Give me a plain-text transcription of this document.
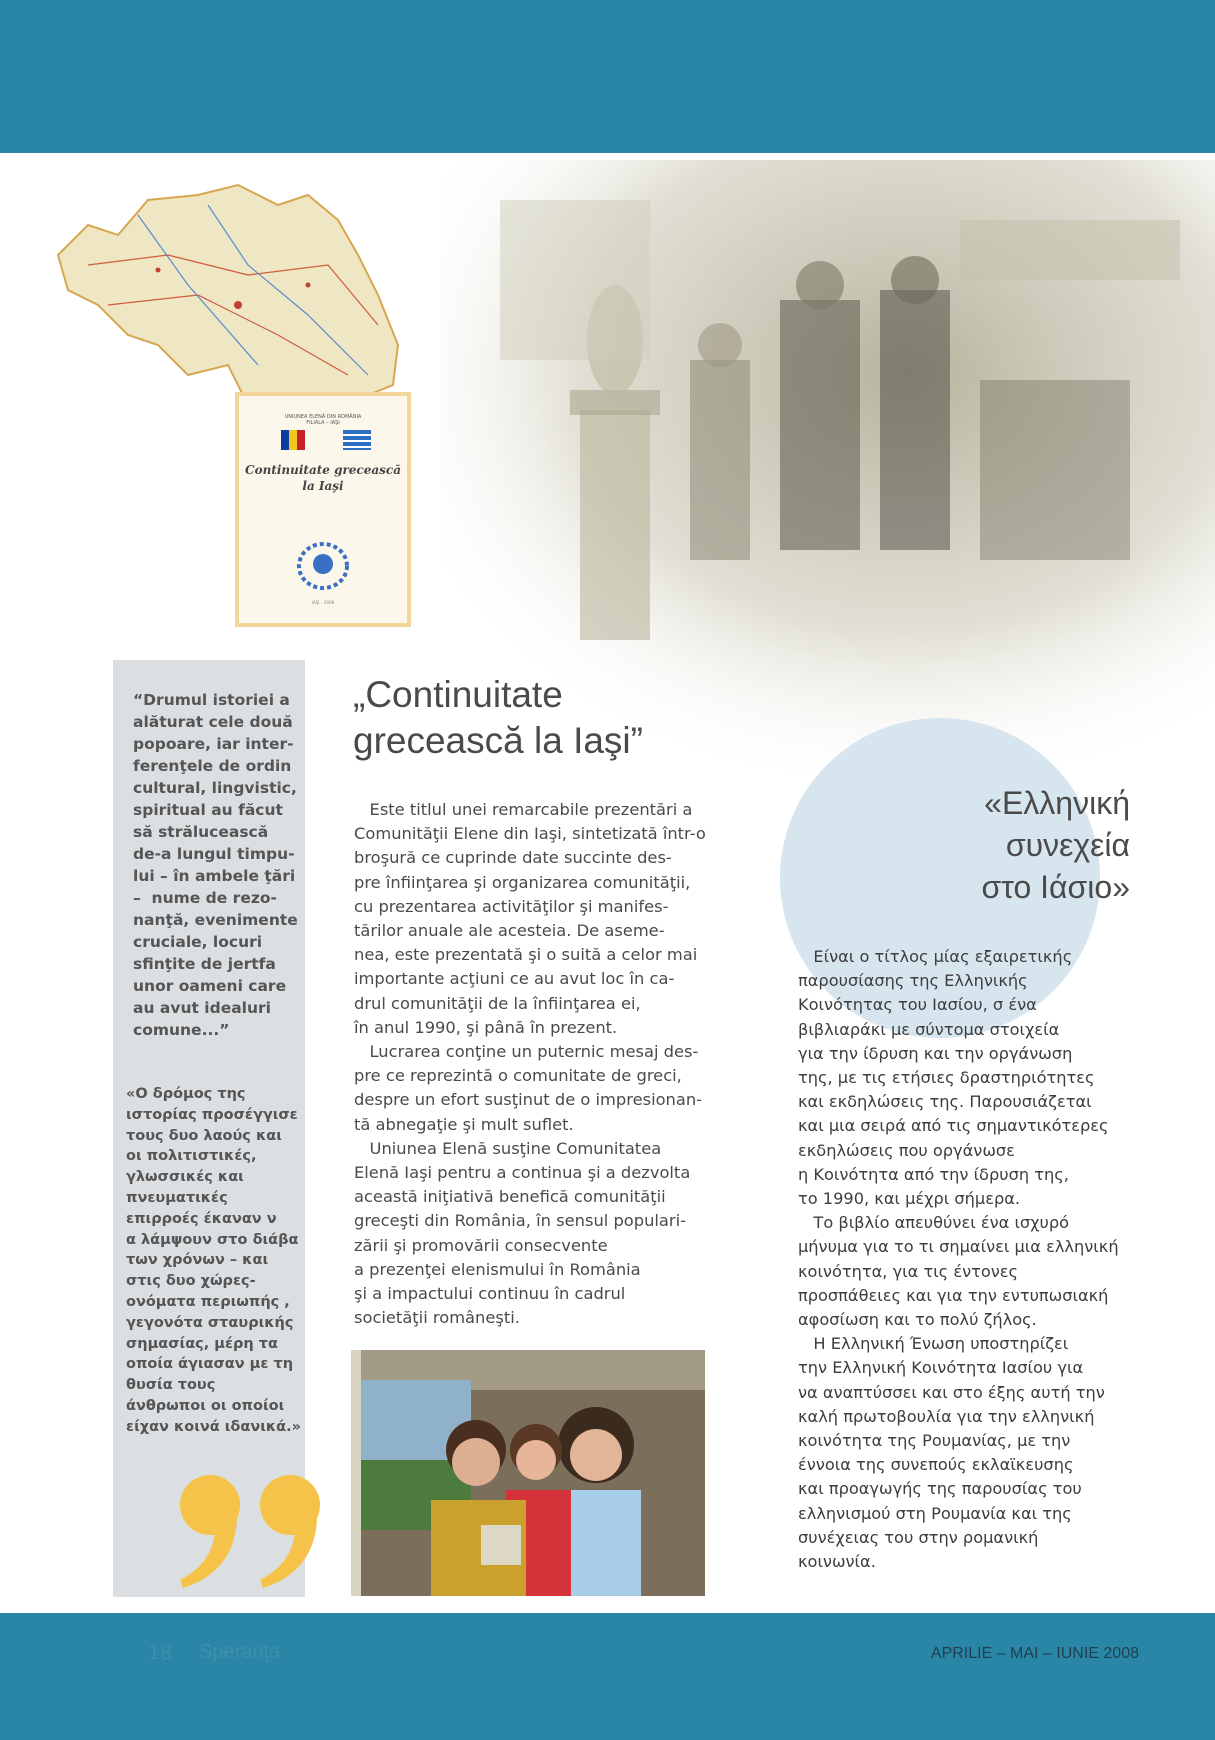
UNIUNEA ELENĂ DIN ROMÂNIA
FILIALA – IAŞI
Continuitate grecească
la Iaşi
IAŞI – 2008

“Drumul istoriei a

alăturat cele două

popoare, iar inter-

ferenţele de ordin

cultural, lingvistic,

spiritual au făcut

să strălucească

de-a lungul timpu-

lui – în ambele ţări

–  nume de rezo-

nanţă, evenimente

cruciale, locuri

sfinţite de jertfa

unor oameni care

au avut idealuri

comune...”

«Ο δρόμος της

ιστορίας προσέγγισε

τους δυο λαούς και

οι πολιτιστικές,

γλωσσικές και

πνευματικές

επιρροές έκαναν ν

α λάμψουν στο διάβα

των χρόνων – και

στις δυο χώρες-

ονόματα περιωπής ,

γεγονότα σταυρικής

σημασίας, μέρη τα

οποία άγιασαν με τη

θυσία τους

άνθρωποι οι οποίοι

είχαν κοινά ιδανικά.»

„Continuitate
grecească la Iaşi”

Este titlul unei remarcabile prezentări a

Comunităţii Elene din Iaşi, sintetizată într-o

broşură ce cuprinde date succinte des-

pre înfiinţarea şi organizarea comunităţii,

cu prezentarea activităţilor şi manifes-

tărilor anuale ale acesteia. De aseme-

nea, este prezentată şi o suită a celor mai

importante acţiuni ce au avut loc în ca-

drul comunităţii de la înfiinţarea ei,

în anul 1990, şi până în prezent.

Lucrarea conţine un puternic mesaj des-

pre ce reprezintă o comunitate de greci,

despre un efort susţinut de o impresionan-

tă abnegaţie şi mult suflet.

Uniunea Elenă susţine Comunitatea

Elenă Iaşi pentru a continua şi a dezvolta

această iniţiativă benefică comunităţii

greceşti din România, în sensul populari-

zării şi promovării consecvente

a prezenţei elenismului în România

şi a impactului continuu în cadrul

societăţii româneşti.

«Ελληνική
συνεχεία
στο Ιάσιο»

Είναι ο τίτλος μίας εξαιρετικής

παρουσίασης της Ελληνικής

Κοινότητας του Ιασίου, σ ένα

βιβλιαράκι με σύντομα στοιχεία

για την ίδρυση και την οργάνωση

της, με τις ετήσιες δραστηριότητες

και εκδηλώσεις της. Παρουσιάζεται

και μια σειρά από τις σημαντικότερες

εκδηλώσεις που οργάνωσε

η Κοινότητα από την ίδρυση της,

το 1990, και μέχρι σήμερα.

Το βιβλίο απευθύνει ένα ισχυρό

μήνυμα για το τι σημαίνει μια ελληνική

κοινότητα, για τις έντονες

προσπάθειες και για την εντυπωσιακή

αφοσίωση και το πολύ ζήλος.

Η Ελληνική Ένωση υποστηρίζει

την Ελληνική Κοινότητα Ιασίου για

να αναπτύσσει και στο έξης αυτή την

καλή πρωτοβουλία για την ελληνική

κοινότητα της Ρουμανίας, με την

έννοια της συνεπούς εκλαϊκευσης

και προαγωγής της παρουσίας του

ελληνισμού στη Ρουμανία και της

συνέχειας του στην ρομανική

κοινωνία.

18 Speranţa	APRILIE – MAI – IUNIE 2008
